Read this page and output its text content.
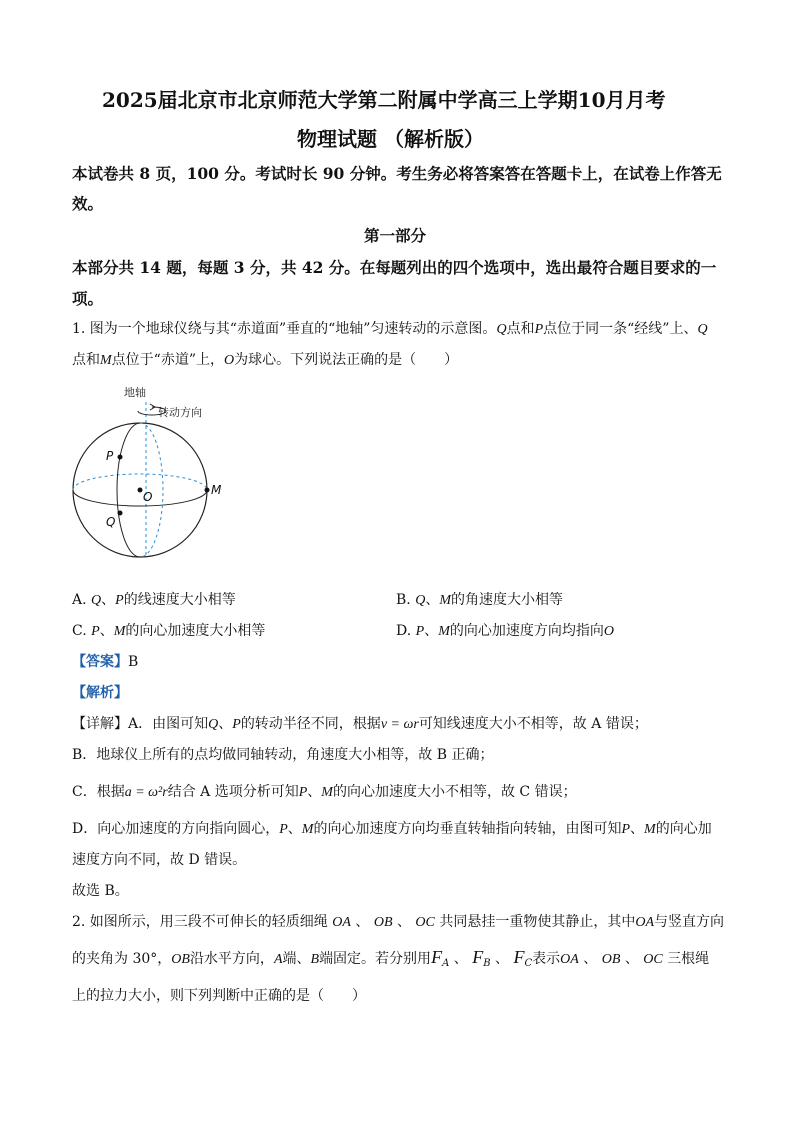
2025届北京市北京师范大学第二附属中学高三上学期10月月考
物理试题 （解析版）
本试卷共 8 页，100 分。考试时长 90 分钟。考生务必将答案答在答题卡上，在试卷上作答无
效。
第一部分
本部分共 14 题，每题 3 分，共 42 分。在每题列出的四个选项中，选出最符合题目要求的一
项。
1. 图为一个地球仪绕与其“赤道面”垂直的“地轴”匀速转动的示意图。Q点和P点位于同一条“经线”上、Q
点和M点位于“赤道”上，O为球心。下列说法正确的是（　　）
地轴
转动方向
P
Q
O	M
A. Q、P的线速度大小相等	B. Q、M的角速度大小相等
C. P、M的向心加速度大小相等	D. P、M的向心加速度方向均指向O
【答案】B
【解析】
【详解】A．由图可知Q、P的转动半径不同，根据v = ωr可知线速度大小不相等，故 A 错误；
B．地球仪上所有的点均做同轴转动，角速度大小相等，故 B 正确；
C．根据a = ω²r结合 A 选项分析可知P、M的向心加速度大小不相等，故 C 错误；
D．向心加速度的方向指向圆心，P、M的向心加速度方向均垂直转轴指向转轴，由图可知P、M的向心加
速度方向不同，故 D 错误。
故选 B。
2. 如图所示，用三段不可伸长的轻质细绳 OA 、 OB 、 OC 共同悬挂一重物使其静止，其中OA与竖直方向
的夹角为 30°，OB沿水平方向，A端、B端固定。若分别用$F_A$ 、 $F_B$ 、 $F_C$表示OA 、 OB 、 OC 三根绳
上的拉力大小，则下列判断中正确的是（　　）
